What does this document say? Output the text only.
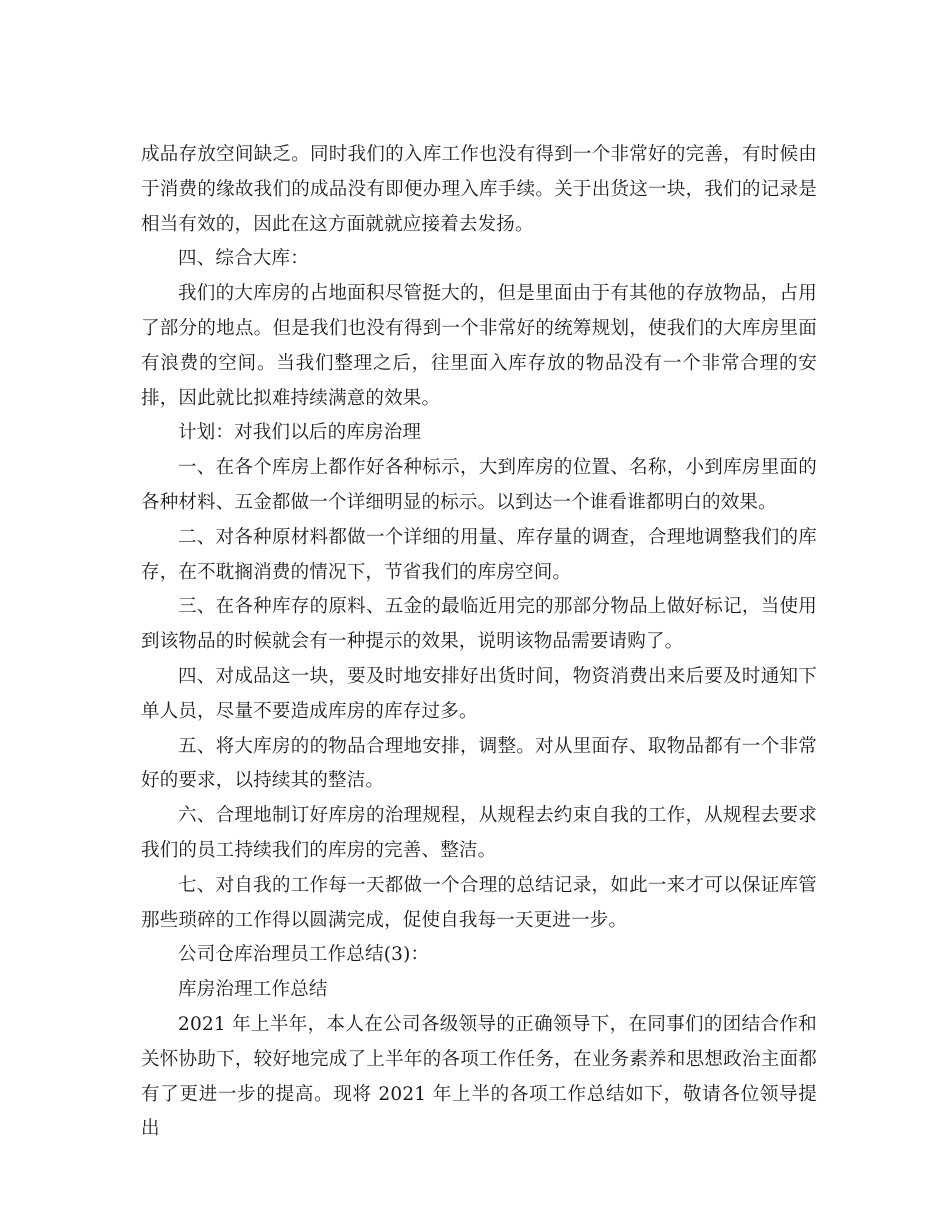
成品存放空间缺乏。同时我们的入库工作也没有得到一个非常好的完善，有时候由于消费的缘故我们的成品没有即便办理入库手续。关于出货这一块，我们的记录是相当有效的，因此在这方面就就应接着去发扬。

四、综合大库：

我们的大库房的占地面积尽管挺大的，但是里面由于有其他的存放物品，占用了部分的地点。但是我们也没有得到一个非常好的统筹规划，使我们的大库房里面有浪费的空间。当我们整理之后，往里面入库存放的物品没有一个非常合理的安排，因此就比拟难持续满意的效果。

计划：对我们以后的库房治理

一、在各个库房上都作好各种标示，大到库房的位置、名称，小到库房里面的各种材料、五金都做一个详细明显的标示。以到达一个谁看谁都明白的效果。

二、对各种原材料都做一个详细的用量、库存量的调查，合理地调整我们的库存，在不耽搁消费的情况下，节省我们的库房空间。

三、在各种库存的原料、五金的最临近用完的那部分物品上做好标记，当使用到该物品的时候就会有一种提示的效果，说明该物品需要请购了。

四、对成品这一块，要及时地安排好出货时间，物资消费出来后要及时通知下单人员，尽量不要造成库房的库存过多。

五、将大库房的的物品合理地安排，调整。对从里面存、取物品都有一个非常好的要求，以持续其的整洁。

六、合理地制订好库房的治理规程，从规程去约束自我的工作，从规程去要求我们的员工持续我们的库房的完善、整洁。

七、对自我的工作每一天都做一个合理的总结记录，如此一来才可以保证库管那些琐碎的工作得以圆满完成，促使自我每一天更进一步。

公司仓库治理员工作总结(3)：

库房治理工作总结

2021 年上半年，本人在公司各级领导的正确领导下，在同事们的团结合作和关怀协助下，较好地完成了上半年的各项工作任务，在业务素养和思想政治主面都有了更进一步的提高。现将 2021 年上半的各项工作总结如下，敬请各位领导提出
